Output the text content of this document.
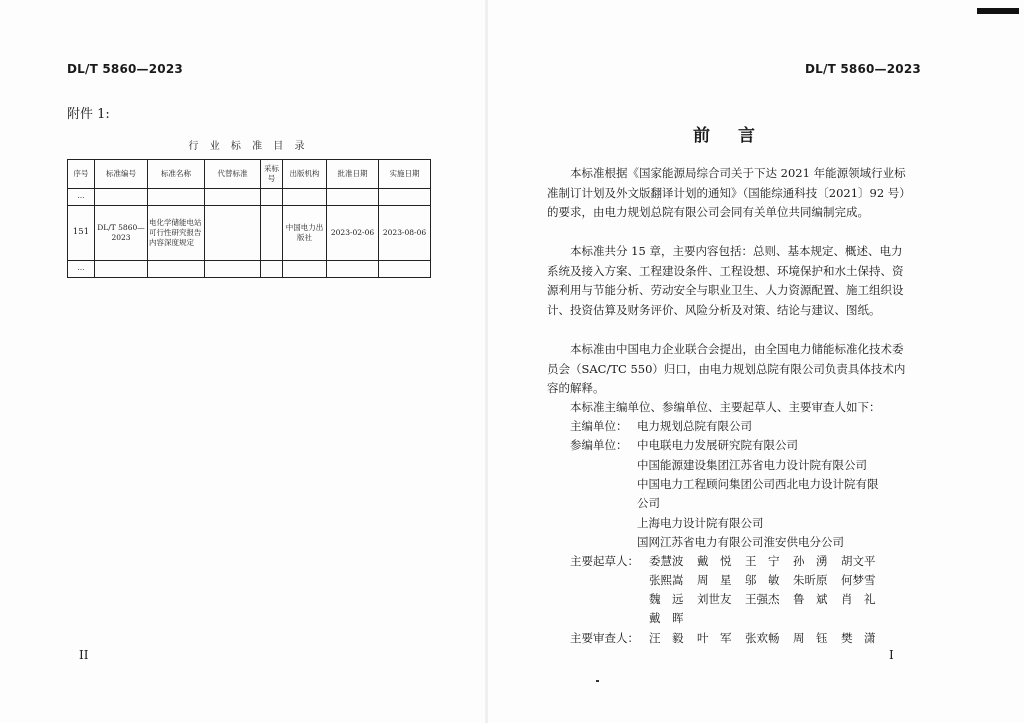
DL/T 5860—2023
附件 1:
行 业 标 准 目 录
序号	标准编号	标准名称	代替标准	采标号	出版机构	批准日期	实施日期
…							
151	DL/T 5860—2023	电化学储能电站可行性研究报告内容深度规定			中国电力出版社	2023-02-06	2023-08-06
…							
II
DL/T 5860—2023
前言

本标准根据《国家能源局综合司关于下达 2021 年能源领域行业标准制订计划及外文版翻译计划的通知》（国能综通科技〔2021〕92 号）的要求，由电力规划总院有限公司会同有关单位共同编制完成。

本标准共分 15 章，主要内容包括：总则、基本规定、概述、电力系统及接入方案、工程建设条件、工程设想、环境保护和水土保持、资源利用与节能分析、劳动安全与职业卫生、人力资源配置、施工组织设计、投资估算及财务评价、风险分析及对策、结论与建议、图纸。

本标准由中国电力企业联合会提出，由全国电力储能标准化技术委员会（SAC/TC 550）归口，由电力规划总院有限公司负责具体技术内容的解释。

本标准主编单位、参编单位、主要起草人、主要审查人如下：

主编单位： 电力规划总院有限公司
参编单位： 中电联电力发展研究院有限公司
中国能源建设集团江苏省电力设计院有限公司
中国电力工程顾问集团公司西北电力设计院有限
公司
上海电力设计院有限公司
国网江苏省电力有限公司淮安供电分公司
主要起草人： 委慧波 戴　悦 王　宁 孙　湧 胡文平
张熙嵩 周　星 邬　敏 朱昕原 何梦雪
魏　远 刘世友 王强杰 鲁　斌 肖　礼
戴　晖
主要审查人： 汪　毅 叶　军 张欢畅 周　钰 樊　潇
I
